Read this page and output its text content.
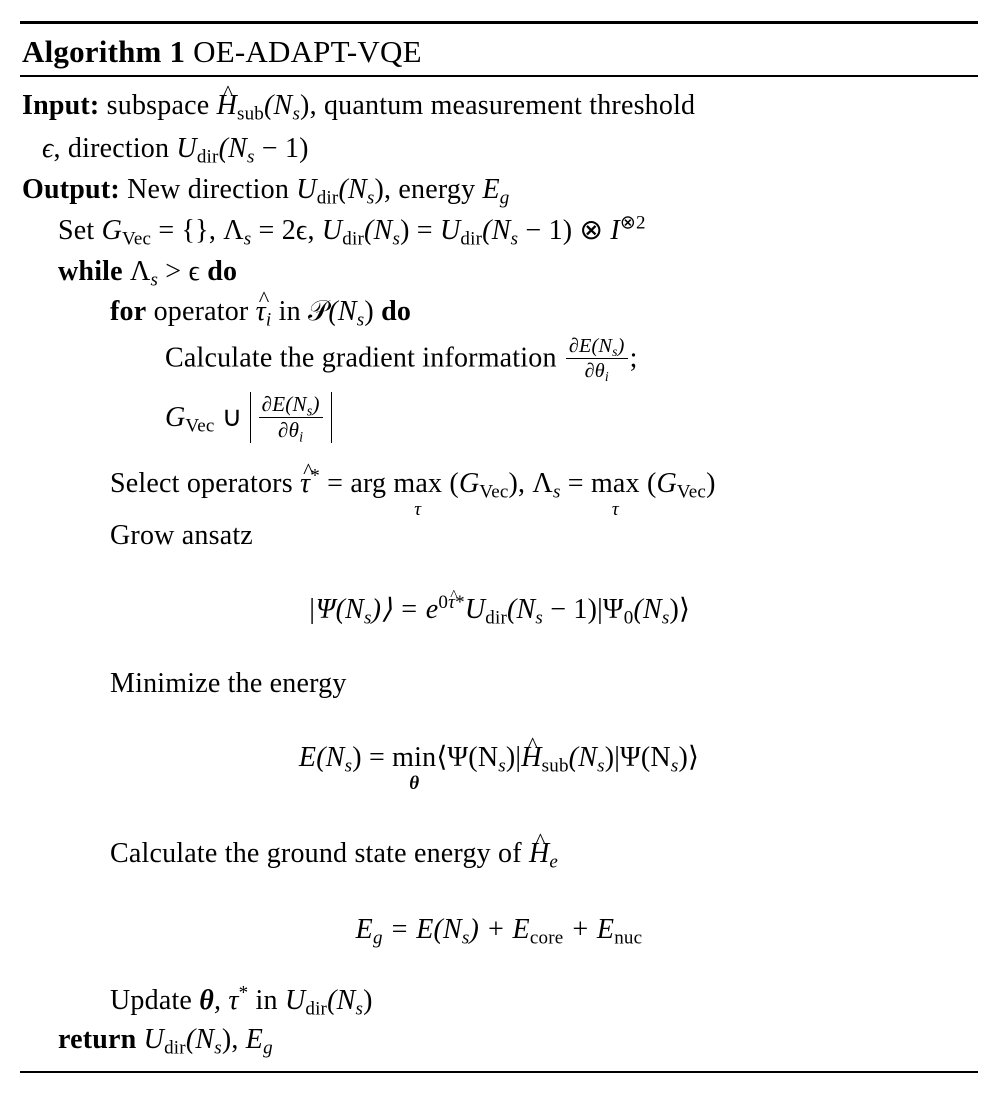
Algorithm 1 OE-ADAPT-VQE
Input: subspace ^ $H_{sub}(N_s)$, quantum measurement threshold
ϵ, direction $U_{dir}(N_s - 1)$
Output: New direction $U_{dir}(N_s)$, energy $E_g$
Set $G_{Vec}$ = {}, $\Lambda_s = 2\epsilon$, $U_{dir}(N_s) = U_{dir}(N_s - 1)$ ⊗ $I^{\otimes 2}$
while $\Lambda_s > \epsilon$ do
for operator ^ $\tau_i$ in $𝒫(N_s)$ do
Calculate the gradient information $\frac{\partial E(N_s)}{\partial\theta_i}$ ;
$G_{Vec}$ ∪ $\frac{\partial E(N_s)}{\partial\theta_i}$
Select operators ^ τ* = arg max
τ
$(G_{Vec})$, $\Lambda_s = \max$
τ
$(G_{Vec})$
Grow ansatz
$|\Psi(N_s)⟩ = e^{0\tau*}U_{dir}(N_s$ − $1)|\Psi_0(N_s)⟩$
Minimize the energy
$E(N_s) = \min$
θ
$⟨\Psi(N_s)|\^{}$ $H_{sub}(N_s)|\Psi(N_s)⟩$
Calculate the ground state energy of ^ $H_e$
$E_g = E(N_s) + E_{core} + E_{nuc}$
Update θ, τ* in $U_{dir}(N_s)$
return $U_{dir}(N_s)$, $E_g$
